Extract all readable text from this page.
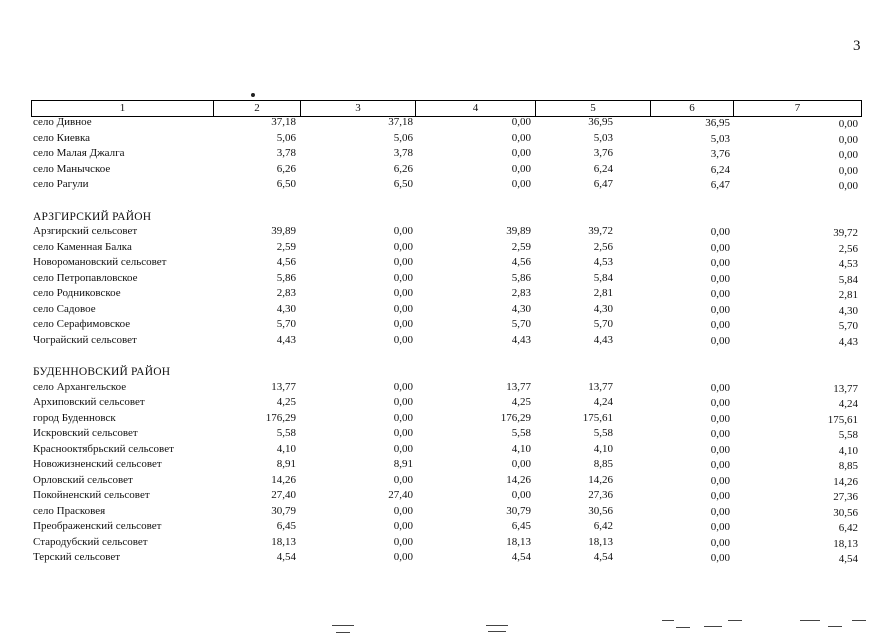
3
1	2	3	4	5	6	7
село Дивное	37,18	37,18	0,00	36,95	36,95	0,00
село Киевка	5,06	5,06	0,00	5,03	5,03	0,00
село Малая Джалга	3,78	3,78	0,00	3,76	3,76	0,00
село Манычское	6,26	6,26	0,00	6,24	6,24	0,00
село Рагули	6,50	6,50	0,00	6,47	6,47	0,00
АРЗГИРСКИЙ РАЙОН
Арзгирский сельсовет	39,89	0,00	39,89	39,72	0,00	39,72
село Каменная Балка	2,59	0,00	2,59	2,56	0,00	2,56
Новоромановский сельсовет	4,56	0,00	4,56	4,53	0,00	4,53
село Петропавловское	5,86	0,00	5,86	5,84	0,00	5,84
село Родниковское	2,83	0,00	2,83	2,81	0,00	2,81
село Садовое	4,30	0,00	4,30	4,30	0,00	4,30
село Серафимовское	5,70	0,00	5,70	5,70	0,00	5,70
Чограйский сельсовет	4,43	0,00	4,43	4,43	0,00	4,43
БУДЕННОВСКИЙ РАЙОН
село Архангельское	13,77	0,00	13,77	13,77	0,00	13,77
Архиповский сельсовет	4,25	0,00	4,25	4,24	0,00	4,24
город Буденновск	176,29	0,00	176,29	175,61	0,00	175,61
Искровский сельсовет	5,58	0,00	5,58	5,58	0,00	5,58
Краснооктябрьский сельсовет	4,10	0,00	4,10	4,10	0,00	4,10
Новожизненский сельсовет	8,91	8,91	0,00	8,85	0,00	8,85
Орловский сельсовет	14,26	0,00	14,26	14,26	0,00	14,26
Покойненский сельсовет	27,40	27,40	0,00	27,36	0,00	27,36
село Прасковея	30,79	0,00	30,79	30,56	0,00	30,56
Преображенский сельсовет	6,45	0,00	6,45	6,42	0,00	6,42
Стародубский сельсовет	18,13	0,00	18,13	18,13	0,00	18,13
Терский сельсовет	4,54	0,00	4,54	4,54	0,00	4,54
